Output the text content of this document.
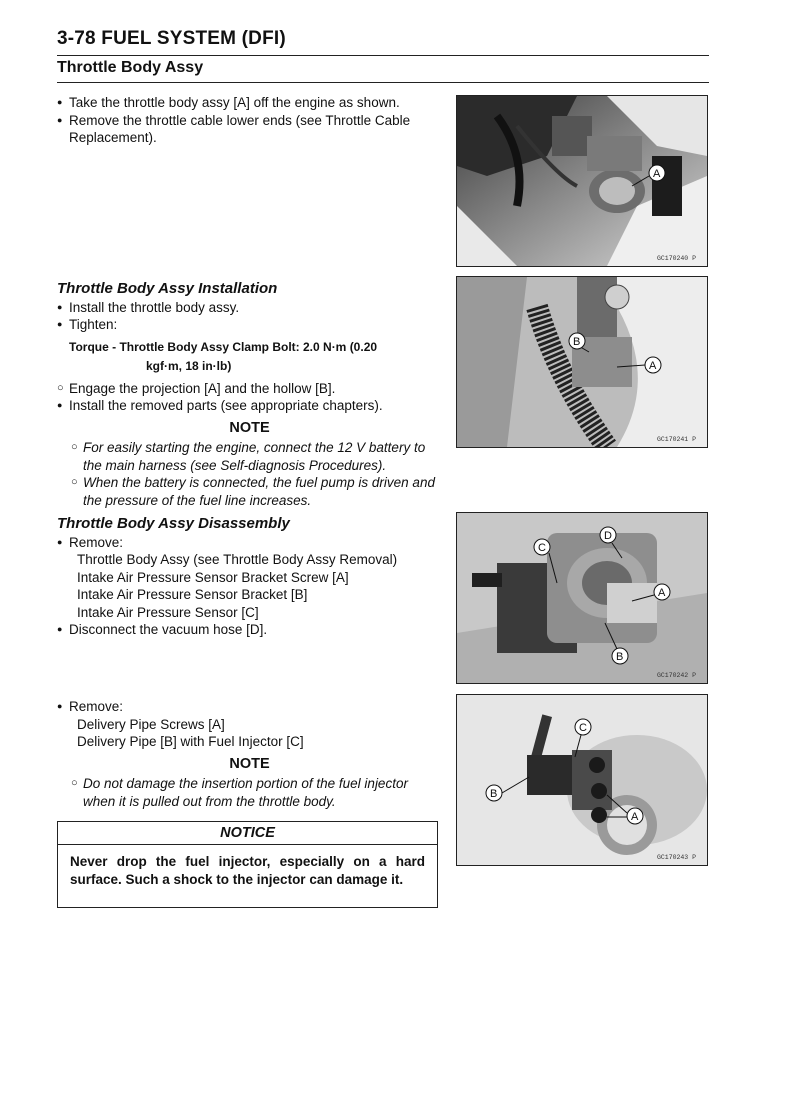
3-78 FUEL SYSTEM (DFI)
Throttle Body Assy
● Take the throttle body assy [A] off the engine as shown.
● Remove the throttle cable lower ends (see Throttle Cable Replacement).
Throttle Body Assy Installation
● Install the throttle body assy.
● Tighten:
Torque - Throttle Body Assy Clamp Bolt: 2.0 N·m (0.20
kgf·m, 18 in·lb)
○ Engage the projection [A] and the hollow [B].
● Install the removed parts (see appropriate chapters).
NOTE
○ For easily starting the engine, connect the 12 V battery to the main harness (see Self-diagnosis Procedures).
○ When the battery is connected, the fuel pump is driven and the pressure of the fuel line increases.
Throttle Body Assy Disassembly
● Remove:
Throttle Body Assy (see Throttle Body Assy Removal)
Intake Air Pressure Sensor Bracket Screw [A]
Intake Air Pressure Sensor Bracket [B]
Intake Air Pressure Sensor [C]
● Disconnect the vacuum hose [D].
● Remove:
Delivery Pipe Screws [A]
Delivery Pipe [B] with Fuel Injector [C]
NOTE
○ Do not damage the insertion portion of the fuel injector when it is pulled out from the throttle body.
NOTICE
Never drop the fuel injector, especially on a hard surface. Such a shock to the injector can damage it.
A
GC170240 P
B
A
GC170241 P
C
D
A
B
GC170242 P
C
B
A
GC170243 P
